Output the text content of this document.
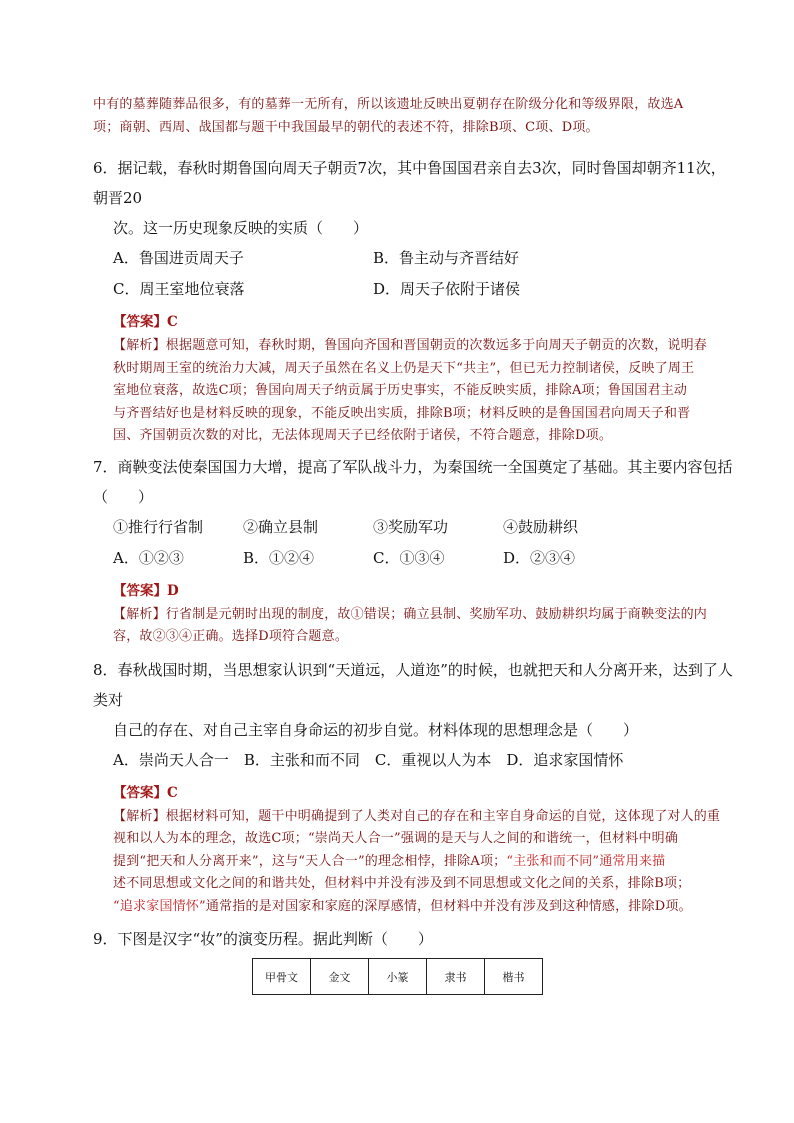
中有的墓葬随葬品很多，有的墓葬一无所有，所以该遗址反映出夏朝存在阶级分化和等级界限，故选A
项；商朝、西周、战国都与题干中我国最早的朝代的表述不符，排除B项、C项、D项。
6．据记载，春秋时期鲁国向周天子朝贡7次，其中鲁国国君亲自去3次，同时鲁国却朝齐11次，朝晋20
次。这一历史现象反映的实质（　　）
A．鲁国进贡周天子	B．鲁主动与齐晋结好
C．周王室地位衰落	D．周天子依附于诸侯
【答案】C
【解析】根据题意可知，春秋时期，鲁国向齐国和晋国朝贡的次数远多于向周天子朝贡的次数，说明春
秋时期周王室的统治力大减，周天子虽然在名义上仍是天下“共主”，但已无力控制诸侯，反映了周王
室地位衰落，故选C项；鲁国向周天子纳贡属于历史事实，不能反映实质，排除A项；鲁国国君主动
与齐晋结好也是材料反映的现象，不能反映出实质，排除B项；材料反映的是鲁国国君向周天子和晋
国、齐国朝贡次数的对比，无法体现周天子已经依附于诸侯，不符合题意，排除D项。
7．商鞅变法使秦国国力大增，提高了军队战斗力，为秦国统一全国奠定了基础。其主要内容包括（　　）
①推行行省制	②确立县制	③奖励军功	④鼓励耕织
A．①②③	B．①②④	C．①③④	D．②③④
【答案】D
【解析】行省制是元朝时出现的制度，故①错误；确立县制、奖励军功、鼓励耕织均属于商鞅变法的内
容，故②③④正确。选择D项符合题意。
8．春秋战国时期，当思想家认识到“天道远，人道迩”的时候，也就把天和人分离开来，达到了人类对
自己的存在、对自己主宰自身命运的初步自觉。材料体现的思想理念是（　　）
A．崇尚天人合一　B．主张和而不同　C．重视以人为本　D．追求家国情怀
【答案】C
【解析】根据材料可知，题干中明确提到了人类对自己的存在和主宰自身命运的自觉，这体现了对人的重
视和以人为本的理念，故选C项；“崇尚天人合一”强调的是天与人之间的和谐统一，但材料中明确
提到“把天和人分离开来”，这与“天人合一”的理念相悖，排除A项；“主张和而不同”通常用来描
述不同思想或文化之间的和谐共处，但材料中并没有涉及到不同思想或文化之间的关系，排除B项；
“追求家国情怀”通常指的是对国家和家庭的深厚感情，但材料中并没有涉及到这种情感，排除D项。
9．下图是汉字“妆”的演变历程。据此判断（　　）
甲骨文	金文	小篆	隶书	楷书
